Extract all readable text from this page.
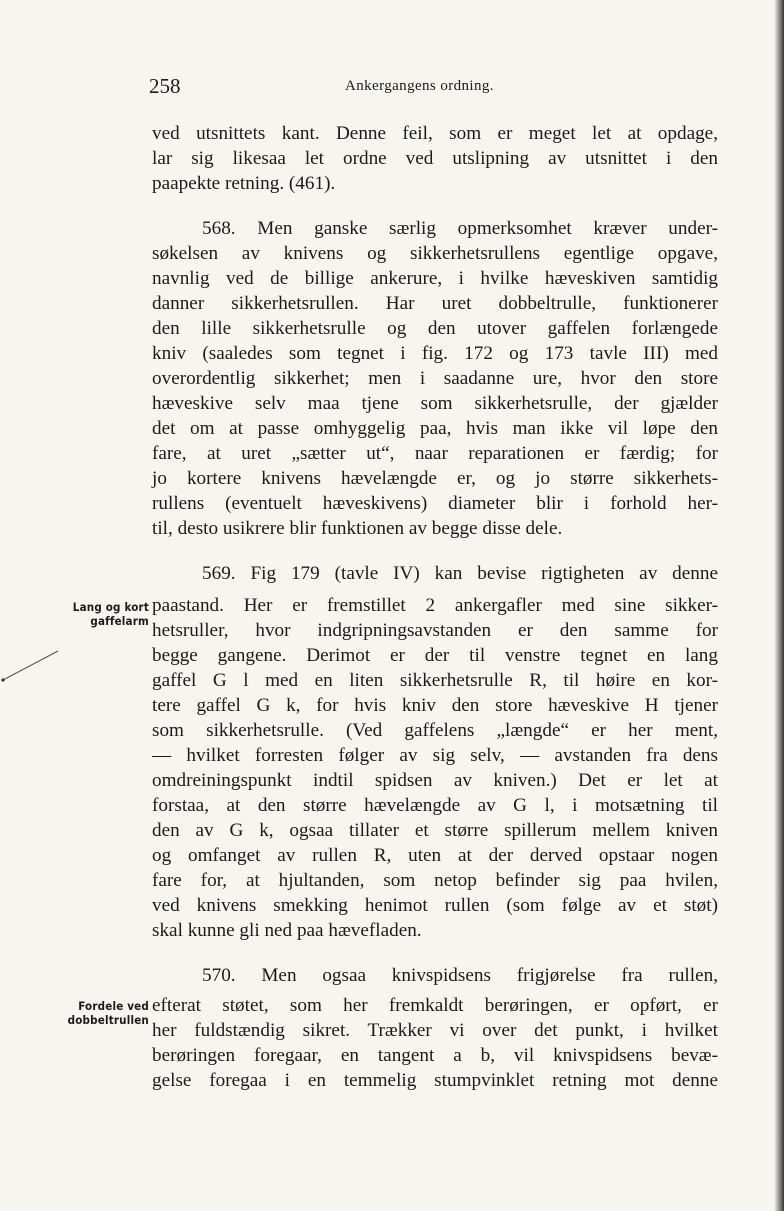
258	Ankergangens ordning.
Lang og kort
gaffelarm
Fordele ved
dobbeltrullen
ved utsnittets kant. Denne feil, som er meget let at opdage,
lar sig likesaa let ordne ved utslipning av utsnittet i den
paapekte retning. (461).
568. Men ganske særlig opmerksomhet kræver under-
søkelsen av knivens og sikkerhetsrullens egentlige opgave,
navnlig ved de billige ankerure, i hvilke hæveskiven samtidig
danner sikkerhetsrullen. Har uret dobbeltrulle, funktionerer
den lille sikkerhetsrulle og den utover gaffelen forlængede
kniv (saaledes som tegnet i fig. 172 og 173 tavle III) med
overordentlig sikkerhet; men i saadanne ure, hvor den store
hæveskive selv maa tjene som sikkerhetsrulle, der gjælder
det om at passe omhyggelig paa, hvis man ikke vil løpe den
fare, at uret „sætter ut“, naar reparationen er færdig; for
jo kortere knivens hævelængde er, og jo større sikkerhets-
rullens (eventuelt hæveskivens) diameter blir i forhold her-
til, desto usikrere blir funktionen av begge disse dele.
569. Fig 179 (tavle IV) kan bevise rigtigheten av denne
paastand. Her er fremstillet 2 ankergafler med sine sikker-
hetsruller, hvor indgripningsavstanden er den samme for
begge gangene. Derimot er der til venstre tegnet en lang
gaffel G l med en liten sikkerhetsrulle R, til høire en kor-
tere gaffel G k, for hvis kniv den store hæveskive H tjener
som sikkerhetsrulle. (Ved gaffelens „længde“ er her ment,
— hvilket forresten følger av sig selv, — avstanden fra dens
omdreiningspunkt indtil spidsen av kniven.) Det er let at
forstaa, at den større hævelængde av G l, i motsætning til
den av G k, ogsaa tillater et større spillerum mellem kniven
og omfanget av rullen R, uten at der derved opstaar nogen
fare for, at hjultanden, som netop befinder sig paa hvilen,
ved knivens smekking henimot rullen (som følge av et støt)
skal kunne gli ned paa hævefladen.
570. Men ogsaa knivspidsens frigjørelse fra rullen,
efterat støtet, som her fremkaldt berøringen, er opført, er
her fuldstændig sikret. Trækker vi over det punkt, i hvilket
berøringen foregaar, en tangent a b, vil knivspidsens bevæ-
gelse foregaa i en temmelig stumpvinklet retning mot denne
